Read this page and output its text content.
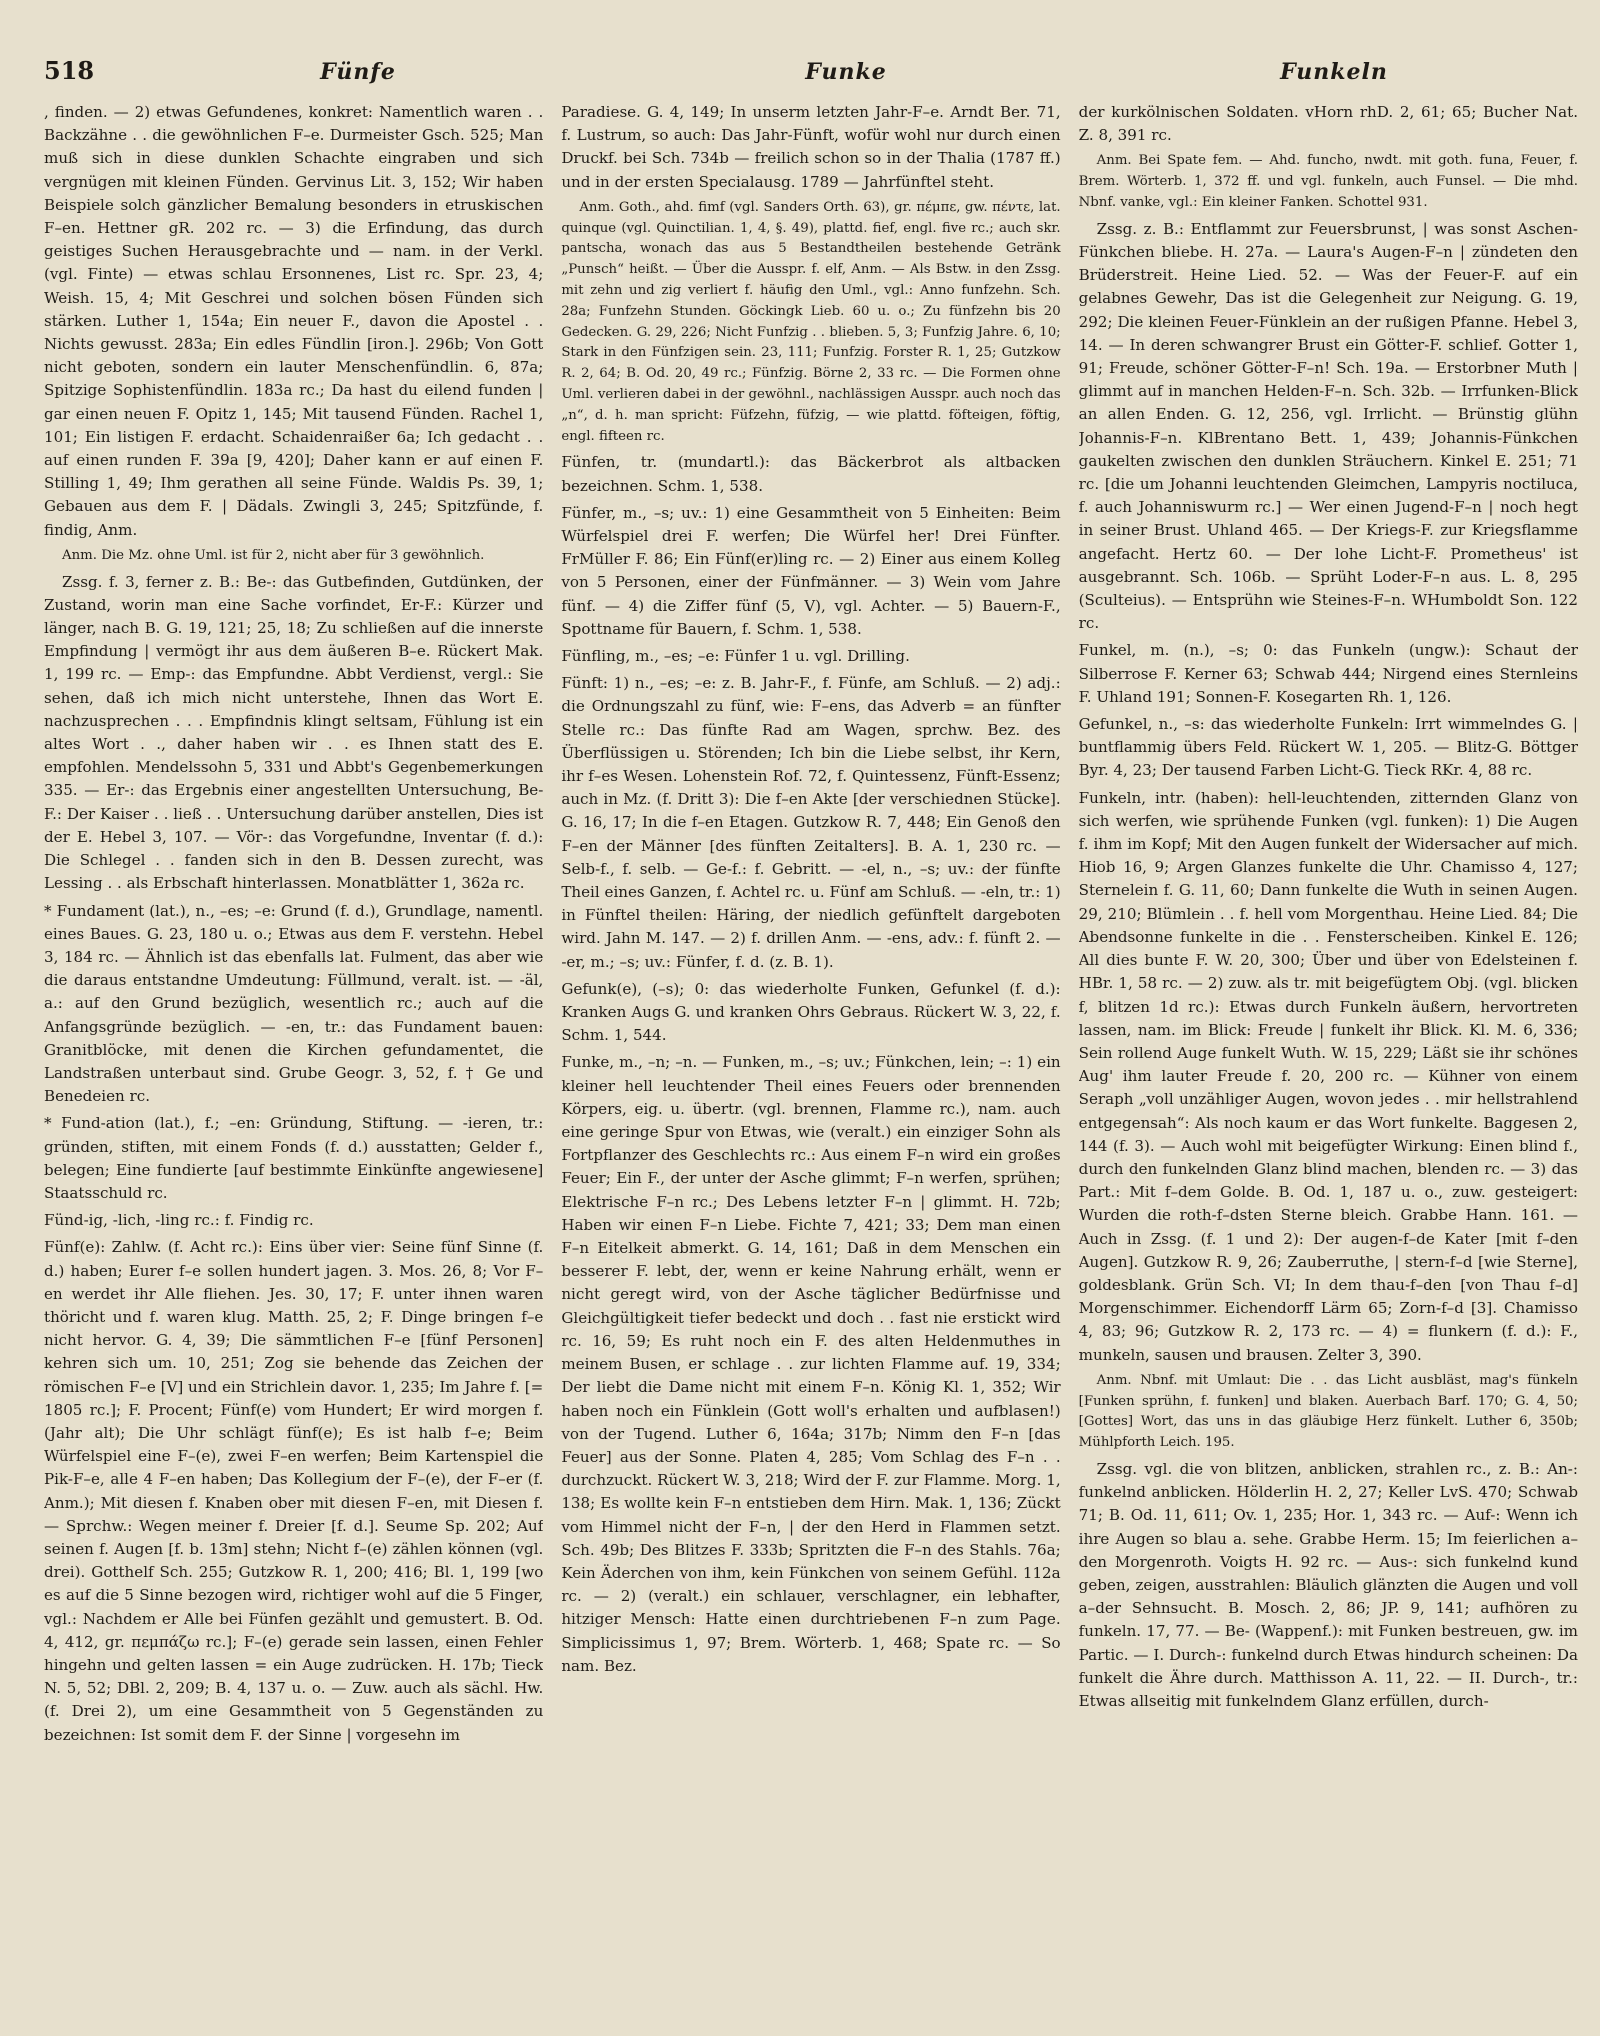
518	Fünfe	Funke	Funkeln

, finden. — 2) etwas Gefundenes, konkret: Namentlich waren . . Backzähne . . die gewöhnlichen F–e. Durmeister Gsch. 525; Man muß sich in diese dunklen Schachte eingraben und sich vergnügen mit kleinen Fünden. Gervinus Lit. 3, 152; Wir haben Beispiele solch gänzlicher Bemalung besonders in etruskischen F–en. Hettner gR. 202 rc. — 3) die Erfindung, das durch geistiges Suchen Herausgebrachte und — nam. in der Verkl. (vgl. Finte) — etwas schlau Ersonnenes, List rc. Spr. 23, 4; Weish. 15, 4; Mit Geschrei und solchen bösen Fünden sich stärken. Luther 1, 154a; Ein neuer F., davon die Apostel . . Nichts gewusst. 283a; Ein edles Fündlin [iron.]. 296b; Von Gott nicht geboten, sondern ein lauter Menschenfündlin. 6, 87a; Spitzige Sophistenfündlin. 183a rc.; Da hast du eilend funden | gar einen neuen F. Opitz 1, 145; Mit tausend Fünden. Rachel 1, 101; Ein listigen F. erdacht. Schaidenraißer 6a; Ich gedacht . . auf einen runden F. 39a [9, 420]; Daher kann er auf einen F. Stilling 1, 49; Ihm gerathen all seine Fünde. Waldis Ps. 39, 1; Gebauen aus dem F. | Dädals. Zwingli 3, 245; Spitzfünde, f. findig, Anm.

Anm. Die Mz. ohne Uml. ist für 2, nicht aber für 3 gewöhnlich.

Zssg. f. 3, ferner z. B.: Be-: das Gutbefinden, Gutdünken, der Zustand, worin man eine Sache vorfindet, Er-F.: Kürzer und länger, nach B. G. 19, 121; 25, 18; Zu schließen auf die innerste Empfindung | vermögt ihr aus dem äußeren B–e. Rückert Mak. 1, 199 rc. — Emp-: das Empfundne. Abbt Verdienst, vergl.: Sie sehen, daß ich mich nicht unterstehe, Ihnen das Wort E. nachzusprechen . . . Empfindnis klingt seltsam, Fühlung ist ein altes Wort . ., daher haben wir . . es Ihnen statt des E. empfohlen. Mendelssohn 5, 331 und Abbt's Gegenbemerkungen 335. — Er-: das Ergebnis einer angestellten Untersuchung, Be-F.: Der Kaiser . . ließ . . Untersuchung darüber anstellen, Dies ist der E. Hebel 3, 107. — Vör-: das Vorgefundne, Inventar (f. d.): Die Schlegel . . fanden sich in den B. Dessen zurecht, was Lessing . . als Erbschaft hinterlassen. Monatblätter 1, 362a rc.

* Fundament (lat.), n., –es; –e: Grund (f. d.), Grundlage, namentl. eines Baues. G. 23, 180 u. o.; Etwas aus dem F. verstehn. Hebel 3, 184 rc. — Ähnlich ist das ebenfalls lat. Fulment, das aber wie die daraus entstandne Umdeutung: Füllmund, veralt. ist. — -äl, a.: auf den Grund bezüglich, wesentlich rc.; auch auf die Anfangsgründe bezüglich. — -en, tr.: das Fundament bauen: Granitblöcke, mit denen die Kirchen gefundamentet, die Landstraßen unterbaut sind. Grube Geogr. 3, 52, f. † Ge und Benedeien rc.

* Fund-ation (lat.), f.; –en: Gründung, Stiftung. — -ieren, tr.: gründen, stiften, mit einem Fonds (f. d.) ausstatten; Gelder f., belegen; Eine fundierte [auf bestimmte Einkünfte angewiesene] Staatsschuld rc.

Fünd-ig, -lich, -ling rc.: f. Findig rc.

Fünf(e): Zahlw. (f. Acht rc.): Eins über vier: Seine fünf Sinne (f. d.) haben; Eurer f–e sollen hundert jagen. 3. Mos. 26, 8; Vor F–en werdet ihr Alle fliehen. Jes. 30, 17; F. unter ihnen waren thöricht und f. waren klug. Matth. 25, 2; F. Dinge bringen f–e nicht hervor. G. 4, 39; Die sämmtlichen F–e [fünf Personen] kehren sich um. 10, 251; Zog sie behende das Zeichen der römischen F–e [V] und ein Strichlein davor. 1, 235; Im Jahre f. [= 1805 rc.]; F. Procent; Fünf(e) vom Hundert; Er wird morgen f. (Jahr alt); Die Uhr schlägt fünf(e); Es ist halb f–e; Beim Würfelspiel eine F–(e), zwei F–en werfen; Beim Kartenspiel die Pik-F–e, alle 4 F–en haben; Das Kollegium der F–(e), der F–er (f. Anm.); Mit diesen f. Knaben ober mit diesen F–en, mit Diesen f. — Sprchw.: Wegen meiner f. Dreier [f. d.]. Seume Sp. 202; Auf seinen f. Augen [f. b. 13m] stehn; Nicht f–(e) zählen können (vgl. drei). Gotthelf Sch. 255; Gutzkow R. 1, 200; 416; Bl. 1, 199 [wo es auf die 5 Sinne bezogen wird, richtiger wohl auf die 5 Finger, vgl.: Nachdem er Alle bei Fünfen gezählt und gemustert. B. Od. 4, 412, gr. πεμπάζω rc.]; F–(e) gerade sein lassen, einen Fehler hingehn und gelten lassen = ein Auge zudrücken. H. 17b; Tieck N. 5, 52; DBl. 2, 209; B. 4, 137 u. o. — Zuw. auch als sächl. Hw. (f. Drei 2), um eine Gesammtheit von 5 Gegenständen zu bezeichnen: Ist somit dem F. der Sinne | vorgesehn im

Paradiese. G. 4, 149; In unserm letzten Jahr-F–e. Arndt Ber. 71, f. Lustrum, so auch: Das Jahr-Fünft, wofür wohl nur durch einen Druckf. bei Sch. 734b — freilich schon so in der Thalia (1787 ff.) und in der ersten Specialausg. 1789 — Jahrfünftel steht.

Anm. Goth., ahd. fimf (vgl. Sanders Orth. 63), gr. πέμπε, gw. πέντε, lat. quinque (vgl. Quinctilian. 1, 4, §. 49), plattd. fief, engl. five rc.; auch skr. pantscha, wonach das aus 5 Bestandtheilen bestehende Getränk „Punsch“ heißt. — Über die Ausspr. f. elf, Anm. — Als Bstw. in den Zssg. mit zehn und zig verliert f. häufig den Uml., vgl.: Anno funfzehn. Sch. 28a; Funfzehn Stunden. Göckingk Lieb. 60 u. o.; Zu fünfzehn bis 20 Gedecken. G. 29, 226; Nicht Funfzig . . blieben. 5, 3; Funfzig Jahre. 6, 10; Stark in den Fünfzigen sein. 23, 111; Funfzig. Forster R. 1, 25; Gutzkow R. 2, 64; B. Od. 20, 49 rc.; Fünfzig. Börne 2, 33 rc. — Die Formen ohne Uml. verlieren dabei in der gewöhnl., nachlässigen Ausspr. auch noch das „n“, d. h. man spricht: Füfzehn, füfzig, — wie plattd. föfteigen, föftig, engl. fifteen rc.

Fünfen, tr. (mundartl.): das Bäckerbrot als altbacken bezeichnen. Schm. 1, 538.

Fünfer, m., –s; uv.: 1) eine Gesammtheit von 5 Einheiten: Beim Würfelspiel drei F. werfen; Die Würfel her! Drei Fünfter. FrMüller F. 86; Ein Fünf(er)ling rc. — 2) Einer aus einem Kolleg von 5 Personen, einer der Fünfmänner. — 3) Wein vom Jahre fünf. — 4) die Ziffer fünf (5, V), vgl. Achter. — 5) Bauern-F., Spottname für Bauern, f. Schm. 1, 538.

Fünfling, m., –es; –e: Fünfer 1 u. vgl. Drilling.

Fünft: 1) n., –es; –e: z. B. Jahr-F., f. Fünfe, am Schluß. — 2) adj.: die Ordnungszahl zu fünf, wie: F–ens, das Adverb = an fünfter Stelle rc.: Das fünfte Rad am Wagen, sprchw. Bez. des Überflüssigen u. Störenden; Ich bin die Liebe selbst, ihr Kern, ihr f–es Wesen. Lohenstein Rof. 72, f. Quintessenz, Fünft-Essenz; auch in Mz. (f. Dritt 3): Die f–en Akte [der verschiednen Stücke]. G. 16, 17; In die f–en Etagen. Gutzkow R. 7, 448; Ein Genoß den F–en der Männer [des fünften Zeitalters]. B. A. 1, 230 rc. — Selb-f., f. selb. — Ge-f.: f. Gebritt. — -el, n., –s; uv.: der fünfte Theil eines Ganzen, f. Achtel rc. u. Fünf am Schluß. — -eln, tr.: 1) in Fünftel theilen: Häring, der niedlich gefünftelt dargeboten wird. Jahn M. 147. — 2) f. drillen Anm. — -ens, adv.: f. fünft 2. — -er, m.; –s; uv.: Fünfer, f. d. (z. B. 1).

Gefunk(e), (–s); 0: das wiederholte Funken, Gefunkel (f. d.): Kranken Augs G. und kranken Ohrs Gebraus. Rückert W. 3, 22, f. Schm. 1, 544.

Funke, m., –n; –n. — Funken, m., –s; uv.; Fünkchen, lein; –: 1) ein kleiner hell leuchtender Theil eines Feuers oder brennenden Körpers, eig. u. übertr. (vgl. brennen, Flamme rc.), nam. auch eine geringe Spur von Etwas, wie (veralt.) ein einziger Sohn als Fortpflanzer des Geschlechts rc.: Aus einem F–n wird ein großes Feuer; Ein F., der unter der Asche glimmt; F–n werfen, sprühen; Elektrische F–n rc.; Des Lebens letzter F–n | glimmt. H. 72b; Haben wir einen F–n Liebe. Fichte 7, 421; 33; Dem man einen F–n Eitelkeit abmerkt. G. 14, 161; Daß in dem Menschen ein besserer F. lebt, der, wenn er keine Nahrung erhält, wenn er nicht geregt wird, von der Asche täglicher Bedürfnisse und Gleichgültigkeit tiefer bedeckt und doch . . fast nie erstickt wird rc. 16, 59; Es ruht noch ein F. des alten Heldenmuthes in meinem Busen, er schlage . . zur lichten Flamme auf. 19, 334; Der liebt die Dame nicht mit einem F–n. König Kl. 1, 352; Wir haben noch ein Fünklein (Gott woll's erhalten und aufblasen!) von der Tugend. Luther 6, 164a; 317b; Nimm den F–n [das Feuer] aus der Sonne. Platen 4, 285; Vom Schlag des F–n . . durchzuckt. Rückert W. 3, 218; Wird der F. zur Flamme. Morg. 1, 138; Es wollte kein F–n entstieben dem Hirn. Mak. 1, 136; Zückt vom Himmel nicht der F–n, | der den Herd in Flammen setzt. Sch. 49b; Des Blitzes F. 333b; Spritzten die F–n des Stahls. 76a; Kein Äderchen von ihm, kein Fünkchen von seinem Gefühl. 112a rc. — 2) (veralt.) ein schlauer, verschlagner, ein lebhafter, hitziger Mensch: Hatte einen durchtriebenen F–n zum Page. Simplicissimus 1, 97; Brem. Wörterb. 1, 468; Spate rc. — So nam. Bez.

der kurkölnischen Soldaten. vHorn rhD. 2, 61; 65; Bucher Nat. Z. 8, 391 rc.

Anm. Bei Spate fem. — Ahd. funcho, nwdt. mit goth. funa, Feuer, f. Brem. Wörterb. 1, 372 ff. und vgl. funkeln, auch Funsel. — Die mhd. Nbnf. vanke, vgl.: Ein kleiner Fanken. Schottel 931.

Zssg. z. B.: Entflammt zur Feuersbrunst, | was sonst Aschen-Fünkchen bliebe. H. 27a. — Laura's Augen-F–n | zündeten den Brüderstreit. Heine Lied. 52. — Was der Feuer-F. auf ein gelabnes Gewehr, Das ist die Gelegenheit zur Neigung. G. 19, 292; Die kleinen Feuer-Fünklein an der rußigen Pfanne. Hebel 3, 14. — In deren schwangrer Brust ein Götter-F. schlief. Gotter 1, 91; Freude, schöner Götter-F–n! Sch. 19a. — Erstorbner Muth | glimmt auf in manchen Helden-F–n. Sch. 32b. — Irrfunken-Blick an allen Enden. G. 12, 256, vgl. Irrlicht. — Brünstig glühn Johannis-F–n. KlBrentano Bett. 1, 439; Johannis-Fünkchen gaukelten zwischen den dunklen Sträuchern. Kinkel E. 251; 71 rc. [die um Johanni leuchtenden Gleimchen, Lampyris noctiluca, f. auch Johanniswurm rc.] — Wer einen Jugend-F–n | noch hegt in seiner Brust. Uhland 465. — Der Kriegs-F. zur Kriegsflamme angefacht. Hertz 60. — Der lohe Licht-F. Prometheus' ist ausgebrannt. Sch. 106b. — Sprüht Loder-F–n aus. L. 8, 295 (Sculteius). — Entsprühn wie Steines-F–n. WHumboldt Son. 122 rc.

Funkel, m. (n.), –s; 0: das Funkeln (ungw.): Schaut der Silberrose F. Kerner 63; Schwab 444; Nirgend eines Sternleins F. Uhland 191; Sonnen-F. Kosegarten Rh. 1, 126.

Gefunkel, n., –s: das wiederholte Funkeln: Irrt wimmelndes G. | buntflammig übers Feld. Rückert W. 1, 205. — Blitz-G. Böttger Byr. 4, 23; Der tausend Farben Licht-G. Tieck RKr. 4, 88 rc.

Funkeln, intr. (haben): hell-leuchtenden, zitternden Glanz von sich werfen, wie sprühende Funken (vgl. funken): 1) Die Augen f. ihm im Kopf; Mit den Augen funkelt der Widersacher auf mich. Hiob 16, 9; Argen Glanzes funkelte die Uhr. Chamisso 4, 127; Sternelein f. G. 11, 60; Dann funkelte die Wuth in seinen Augen. 29, 210; Blümlein . . f. hell vom Morgenthau. Heine Lied. 84; Die Abendsonne funkelte in die . . Fensterscheiben. Kinkel E. 126; All dies bunte F. W. 20, 300; Über und über von Edelsteinen f. HBr. 1, 58 rc. — 2) zuw. als tr. mit beigefügtem Obj. (vgl. blicken f, blitzen 1d rc.): Etwas durch Funkeln äußern, hervortreten lassen, nam. im Blick: Freude | funkelt ihr Blick. Kl. M. 6, 336; Sein rollend Auge funkelt Wuth. W. 15, 229; Läßt sie ihr schönes Aug' ihm lauter Freude f. 20, 200 rc. — Kühner von einem Seraph „voll unzähliger Augen, wovon jedes . . mir hellstrahlend entgegensah“: Als noch kaum er das Wort funkelte. Baggesen 2, 144 (f. 3). — Auch wohl mit beigefügter Wirkung: Einen blind f., durch den funkelnden Glanz blind machen, blenden rc. — 3) das Part.: Mit f–dem Golde. B. Od. 1, 187 u. o., zuw. gesteigert: Wurden die roth-f–dsten Sterne bleich. Grabbe Hann. 161. — Auch in Zssg. (f. 1 und 2): Der augen-f–de Kater [mit f–den Augen]. Gutzkow R. 9, 26; Zauberruthe, | stern-f–d [wie Sterne], goldesblank. Grün Sch. VI; In dem thau-f–den [von Thau f–d] Morgenschimmer. Eichendorff Lärm 65; Zorn-f–d [3]. Chamisso 4, 83; 96; Gutzkow R. 2, 173 rc. — 4) = flunkern (f. d.): F., munkeln, sausen und brausen. Zelter 3, 390.

Anm. Nbnf. mit Umlaut: Die . . das Licht ausbläst, mag's fünkeln [Funken sprühn, f. funken] und blaken. Auerbach Barf. 170; G. 4, 50; [Gottes] Wort, das uns in das gläubige Herz fünkelt. Luther 6, 350b; Mühlpforth Leich. 195.

Zssg. vgl. die von blitzen, anblicken, strahlen rc., z. B.: An-: funkelnd anblicken. Hölderlin H. 2, 27; Keller LvS. 470; Schwab 71; B. Od. 11, 611; Ov. 1, 235; Hor. 1, 343 rc. — Auf-: Wenn ich ihre Augen so blau a. sehe. Grabbe Herm. 15; Im feierlichen a–den Morgenroth. Voigts H. 92 rc. — Aus-: sich funkelnd kund geben, zeigen, ausstrahlen: Bläulich glänzten die Augen und voll a–der Sehnsucht. B. Mosch. 2, 86; JP. 9, 141; aufhören zu funkeln. 17, 77. — Be- (Wappenf.): mit Funken bestreuen, gw. im Partic. — I. Durch-: funkelnd durch Etwas hindurch scheinen: Da funkelt die Ähre durch. Matthisson A. 11, 22. — II. Durch-, tr.: Etwas allseitig mit funkelndem Glanz erfüllen, durch-
